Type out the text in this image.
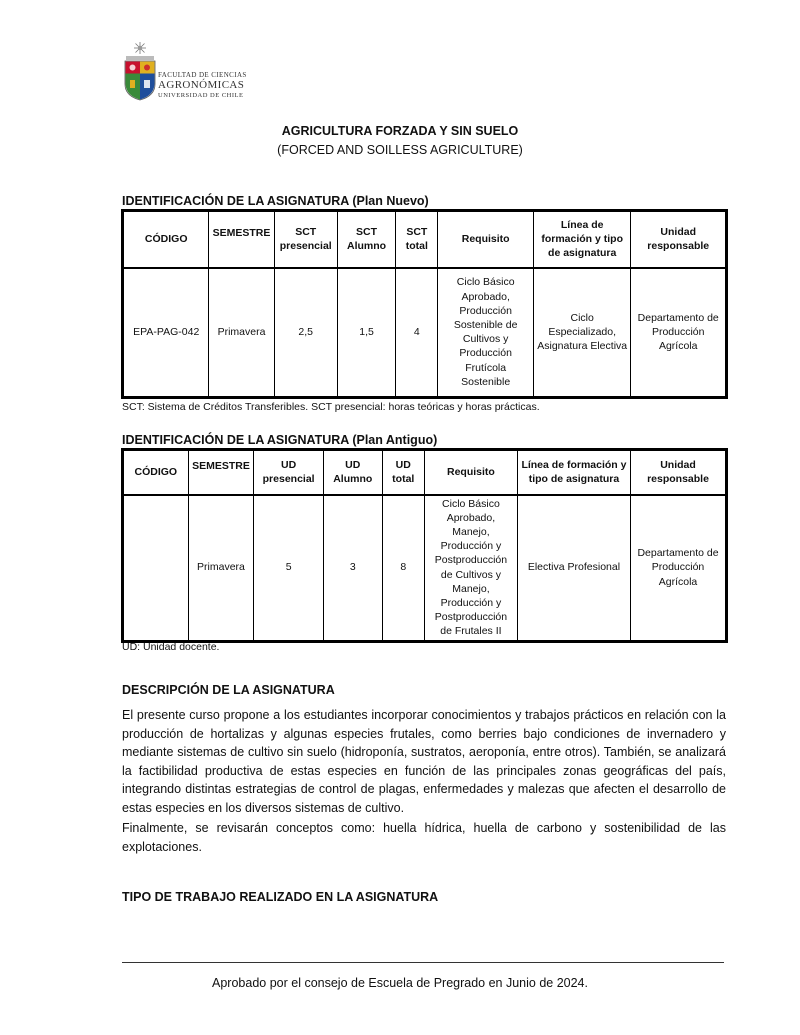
FACULTAD DE CIENCIAS
AGRONÓMICAS
UNIVERSIDAD DE CHILE
AGRICULTURA FORZADA Y SIN SUELO
(FORCED AND SOILLESS AGRICULTURE)
IDENTIFICACIÓN DE LA ASIGNATURA (Plan Nuevo)
CÓDIGO	SEMESTRE	SCT presencial	SCT Alumno	SCT total	Requisito	Línea de formación y tipo de asignatura	Unidad responsable
EPA-PAG-042	Primavera	2,5	1,5	4	Ciclo Básico Aprobado, Producción Sostenible de Cultivos y Producción Frutícola Sostenible	Ciclo Especializado, Asignatura Electiva	Departamento de Producción Agrícola
SCT: Sistema de Créditos Transferibles. SCT presencial: horas teóricas y horas prácticas.
IDENTIFICACIÓN DE LA ASIGNATURA (Plan Antiguo)
CÓDIGO	SEMESTRE	UD presencial	UD Alumno	UD total	Requisito	Línea de formación y tipo de asignatura	Unidad responsable
	Primavera	5	3	8	Ciclo Básico Aprobado, Manejo, Producción y Postproducción de Cultivos y Manejo, Producción y Postproducción de Frutales II	Electiva Profesional	Departamento de Producción Agrícola
UD: Unidad docente.
DESCRIPCIÓN DE LA ASIGNATURA

El presente curso propone a los estudiantes incorporar conocimientos y trabajos prácticos en relación con la producción de hortalizas y algunas especies frutales, como berries bajo condiciones de invernadero y mediante sistemas de cultivo sin suelo (hidroponía, sustratos, aeroponía, entre otros). También, se analizará la factibilidad productiva de estas especies en función de las principales zonas geográficas del país, integrando distintas estrategias de control de plagas, enfermedades y malezas que afecten el desarrollo de estas especies en los diversos sistemas de cultivo.

Finalmente, se revisarán conceptos como: huella hídrica, huella de carbono y sostenibilidad de las explotaciones.

TIPO DE TRABAJO REALIZADO EN LA ASIGNATURA
Aprobado por el consejo de Escuela de Pregrado en Junio de 2024.
